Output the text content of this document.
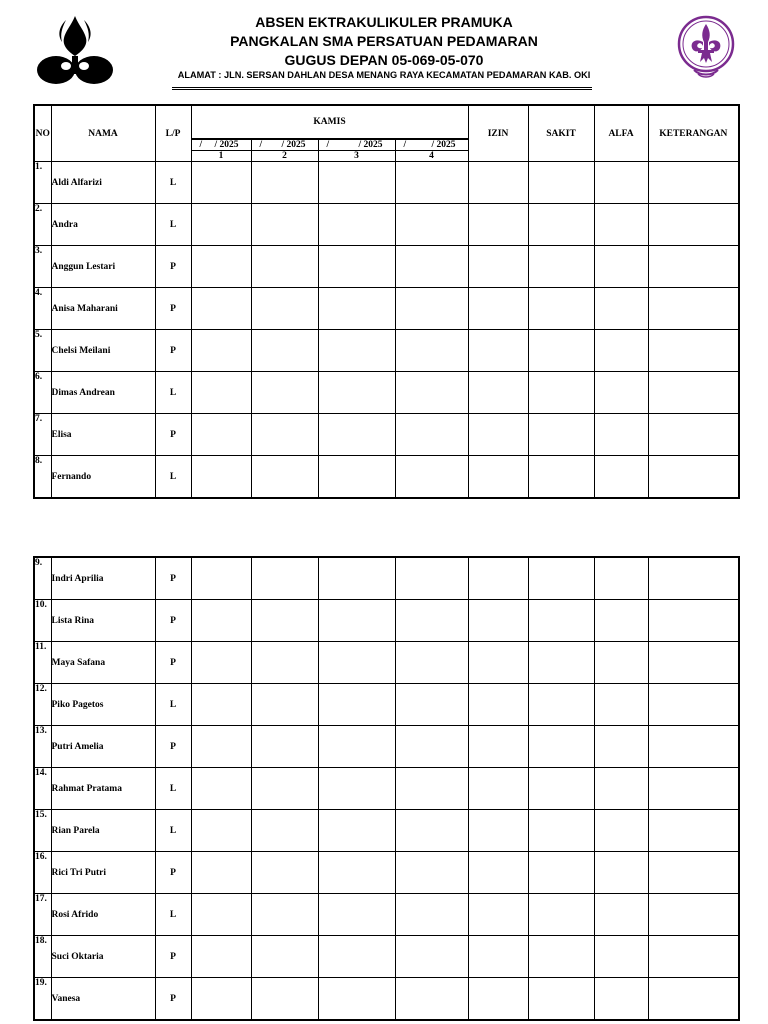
ABSEN EKTRAKULIKULER PRAMUKA
PANGKALAN SMA PERSATUAN PEDAMARAN
GUGUS DEPAN 05-069-05-070
ALAMAT : JLN. SERSAN DAHLAN DESA MENANG RAYA KECAMATAN PEDAMARAN KAB. OKI
NO	NAMA	L/P	KAMIS				IZIN	SAKIT	ALFA	KETERANGAN

			/ / 2025	/ / 2025	/ / 2025	/ / 2025				

			1	2	3	4				
1.	Aldi Alfarizi	L								
2.	Andra	L								
3.	Anggun Lestari	P								
4.	Anisa Maharani	P								
5.	Chelsi Meilani	P								
6.	Dimas Andrean	L								
7.	Elisa	P								
8.	Fernando	L								
9.	Indri Aprilia	P								
10.	Lista Rina	P								
11.	Maya Safana	P								
12.	Piko Pagetos	L								
13.	Putri Amelia	P								
14.	Rahmat Pratama	L								
15.	Rian Parela	L								
16.	Rici Tri Putri	P								
17.	Rosi Afrido	L								
18.	Suci Oktaria	P								
19.	Vanesa	P								
